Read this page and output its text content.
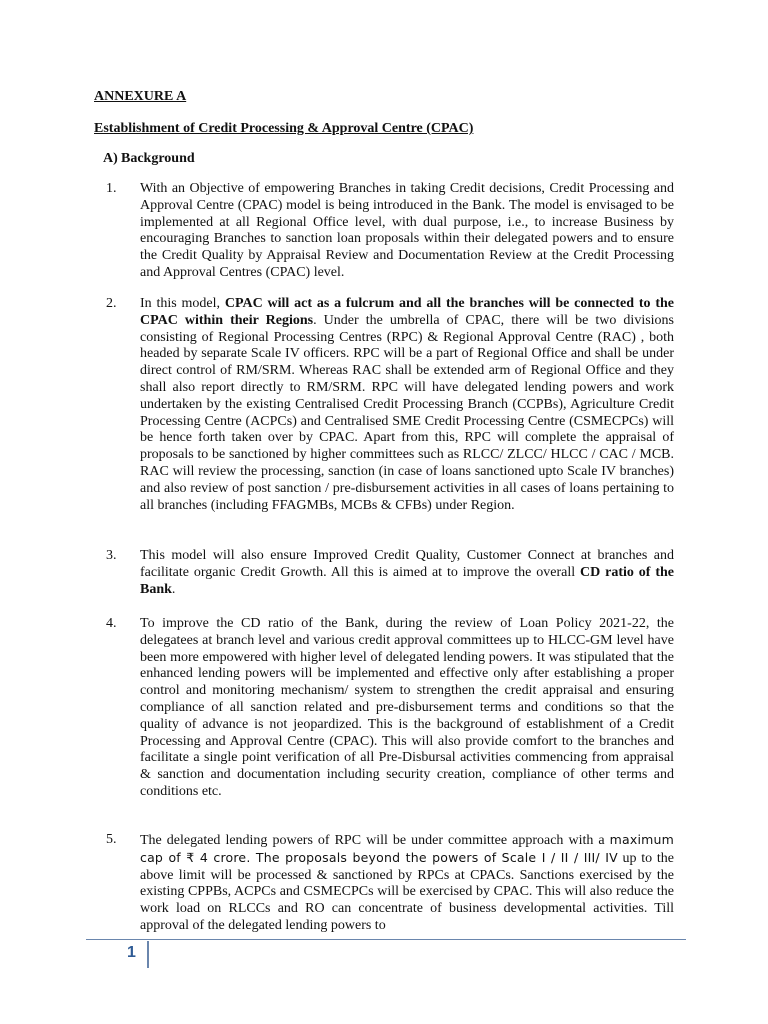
ANNEXURE A

Establishment of Credit Processing & Approval Centre (CPAC)

A) Background

1. With an Objective of empowering Branches in taking Credit decisions, Credit Processing and Approval Centre (CPAC) model is being introduced in the Bank. The model is envisaged to be implemented at all Regional Office level, with dual purpose, i.e., to increase Business by encouraging Branches to sanction loan proposals within their delegated powers and to ensure the Credit Quality by Appraisal Review and Documentation Review at the Credit Processing and Approval Centres (CPAC) level.

2. In this model, CPAC will act as a fulcrum and all the branches will be connected to the CPAC within their Regions. Under the umbrella of CPAC, there will be two divisions consisting of Regional Processing Centres (RPC) & Regional Approval Centre (RAC) , both headed by separate Scale IV officers. RPC will be a part of Regional Office and shall be under direct control of RM/SRM. Whereas RAC shall be extended arm of Regional Office and they shall also report directly to RM/SRM. RPC will have delegated lending powers and work undertaken by the existing Centralised Credit Processing Branch (CCPBs), Agriculture Credit Processing Centre (ACPCs) and Centralised SME Credit Processing Centre (CSMECPCs) will be hence forth taken over by CPAC. Apart from this, RPC will complete the appraisal of proposals to be sanctioned by higher committees such as RLCC/ ZLCC/ HLCC / CAC / MCB. RAC will review the processing, sanction (in case of loans sanctioned upto Scale IV branches) and also review of post sanction / pre-disbursement activities in all cases of loans pertaining to all branches (including FFAGMBs, MCBs & CFBs) under Region.

3. This model will also ensure Improved Credit Quality, Customer Connect at branches and facilitate organic Credit Growth. All this is aimed at to improve the overall CD ratio of the Bank.

4. To improve the CD ratio of the Bank, during the review of Loan Policy 2021-22, the delegatees at branch level and various credit approval committees up to HLCC-GM level have been more empowered with higher level of delegated lending powers. It was stipulated that the enhanced lending powers will be implemented and effective only after establishing a proper control and monitoring mechanism/ system to strengthen the credit appraisal and ensuring compliance of all sanction related and pre-disbursement terms and conditions so that the quality of advance is not jeopardized. This is the background of establishment of a Credit Processing and Approval Centre (CPAC). This will also provide comfort to the branches and facilitate a single point verification of all Pre-Disbursal activities commencing from appraisal & sanction and documentation including security creation, compliance of other terms and conditions etc.

5. The delegated lending powers of RPC will be under committee approach with a maximum cap of ₹ 4 crore. The proposals beyond the powers of Scale I / II / III/ IV up to the above limit will be processed & sanctioned by RPCs at CPACs. Sanctions exercised by the existing CPPBs, ACPCs and CSMECPCs will be exercised by CPAC. This will also reduce the work load on RLCCs and RO can concentrate of business developmental activities. Till approval of the delegated lending powers to

1
